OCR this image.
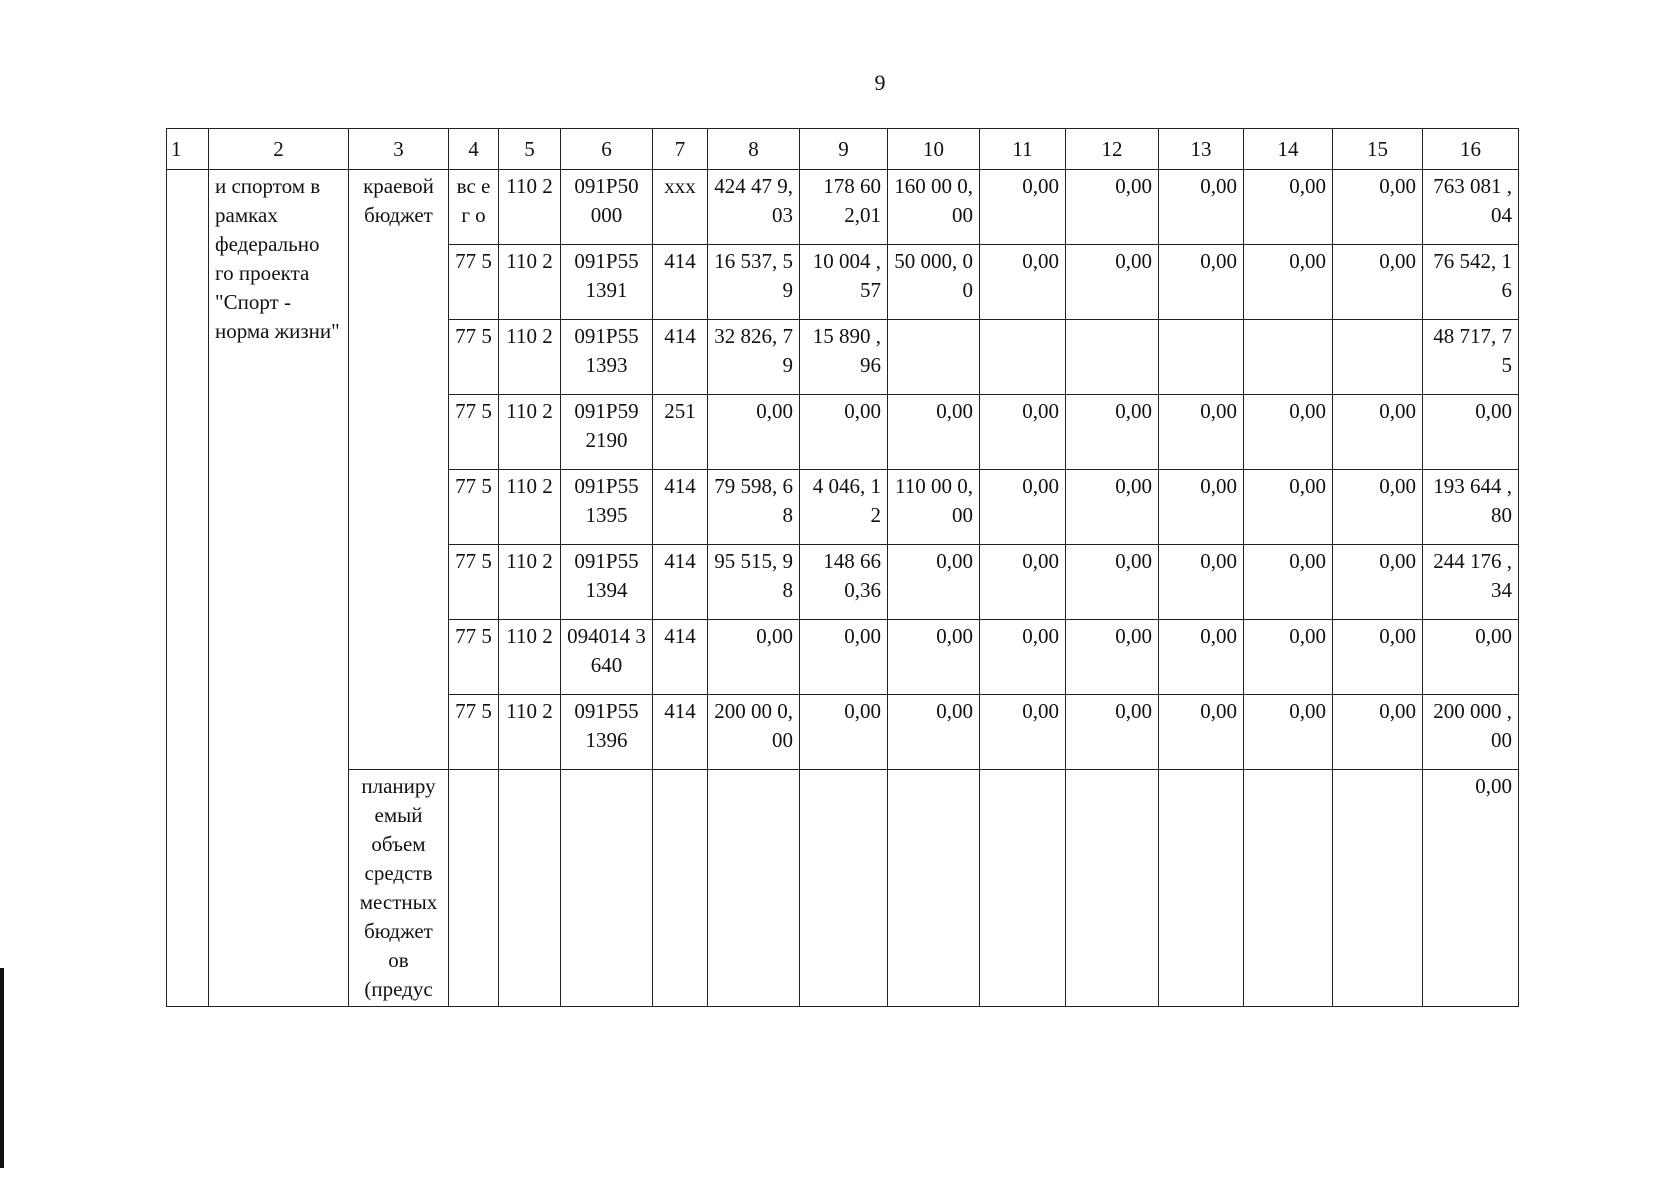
9
1	2	3	4	5	6	7	8	9	10	11	12	13	14	15	16
	и спортом в рамках федерально го проекта "Спорт - норма жизни"	краевой бюджет	вс ег о	110 2	091Р50 000	ххх	424 47 9,03	178 60 2,01	160 00 0,00	0,00	0,00	0,00	0,00	0,00	763 081 ,04
			77 5	110 2	091Р55 1391	414	16 537, 59	10 004 ,57	50 000, 00	0,00	0,00	0,00	0,00	0,00	76 542, 16
			77 5	110 2	091Р55 1393	414	32 826, 79	15 890 ,96							48 717, 75
			77 5	110 2	091Р59 2190	251	0,00	0,00	0,00	0,00	0,00	0,00	0,00	0,00	0,00
			77 5	110 2	091Р55 1395	414	79 598, 68	4 046, 12	110 00 0,00	0,00	0,00	0,00	0,00	0,00	193 644 ,80
			77 5	110 2	091Р55 1394	414	95 515, 98	148 66 0,36	0,00	0,00	0,00	0,00	0,00	0,00	244 176 ,34
			77 5	110 2	094014 3640	414	0,00	0,00	0,00	0,00	0,00	0,00	0,00	0,00	0,00
			77 5	110 2	091Р55 1396	414	200 00 0,00	0,00	0,00	0,00	0,00	0,00	0,00	0,00	200 000 ,00
		планиру емый объем средств местных бюджет ов (предус													0,00
